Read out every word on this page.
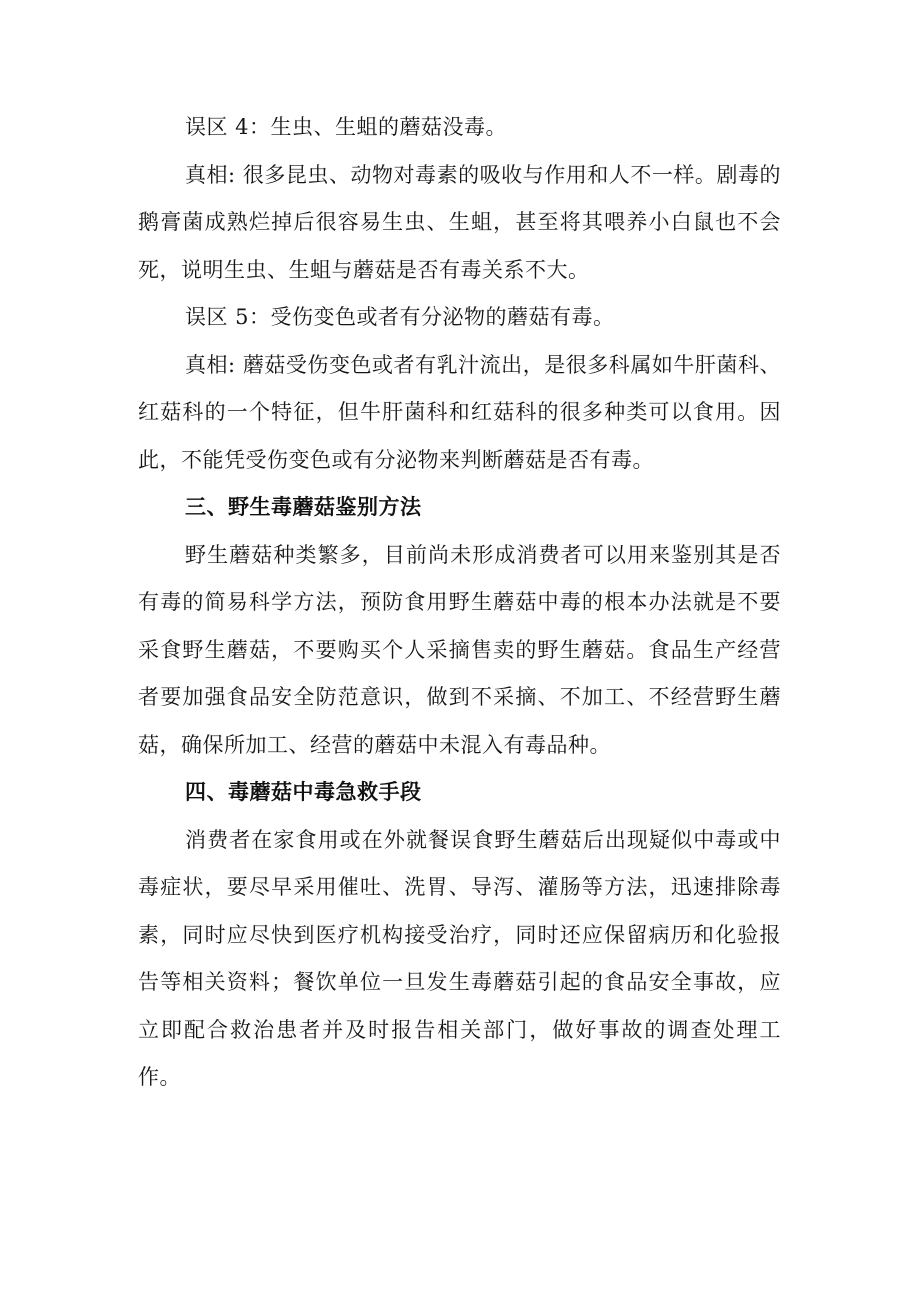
误区 4：生虫、生蛆的蘑菇没毒。

真相: 很多昆虫、动物对毒素的吸收与作用和人不一样。剧毒的鹅膏菌成熟烂掉后很容易生虫、生蛆，甚至将其喂养小白鼠也不会死，说明生虫、生蛆与蘑菇是否有毒关系不大。

误区 5：受伤变色或者有分泌物的蘑菇有毒。

真相: 蘑菇受伤变色或者有乳汁流出，是很多科属如牛肝菌科、红菇科的一个特征，但牛肝菌科和红菇科的很多种类可以食用。因此，不能凭受伤变色或有分泌物来判断蘑菇是否有毒。

三、野生毒蘑菇鉴别方法

野生蘑菇种类繁多，目前尚未形成消费者可以用来鉴别其是否有毒的简易科学方法，预防食用野生蘑菇中毒的根本办法就是不要采食野生蘑菇，不要购买个人采摘售卖的野生蘑菇。食品生产经营者要加强食品安全防范意识，做到不采摘、不加工、不经营野生蘑菇，确保所加工、经营的蘑菇中未混入有毒品种。

四、毒蘑菇中毒急救手段

消费者在家食用或在外就餐误食野生蘑菇后出现疑似中毒或中毒症状，要尽早采用催吐、洗胃、导泻、灌肠等方法，迅速排除毒素，同时应尽快到医疗机构接受治疗，同时还应保留病历和化验报告等相关资料；餐饮单位一旦发生毒蘑菇引起的食品安全事故，应立即配合救治患者并及时报告相关部门，做好事故的调查处理工作。
